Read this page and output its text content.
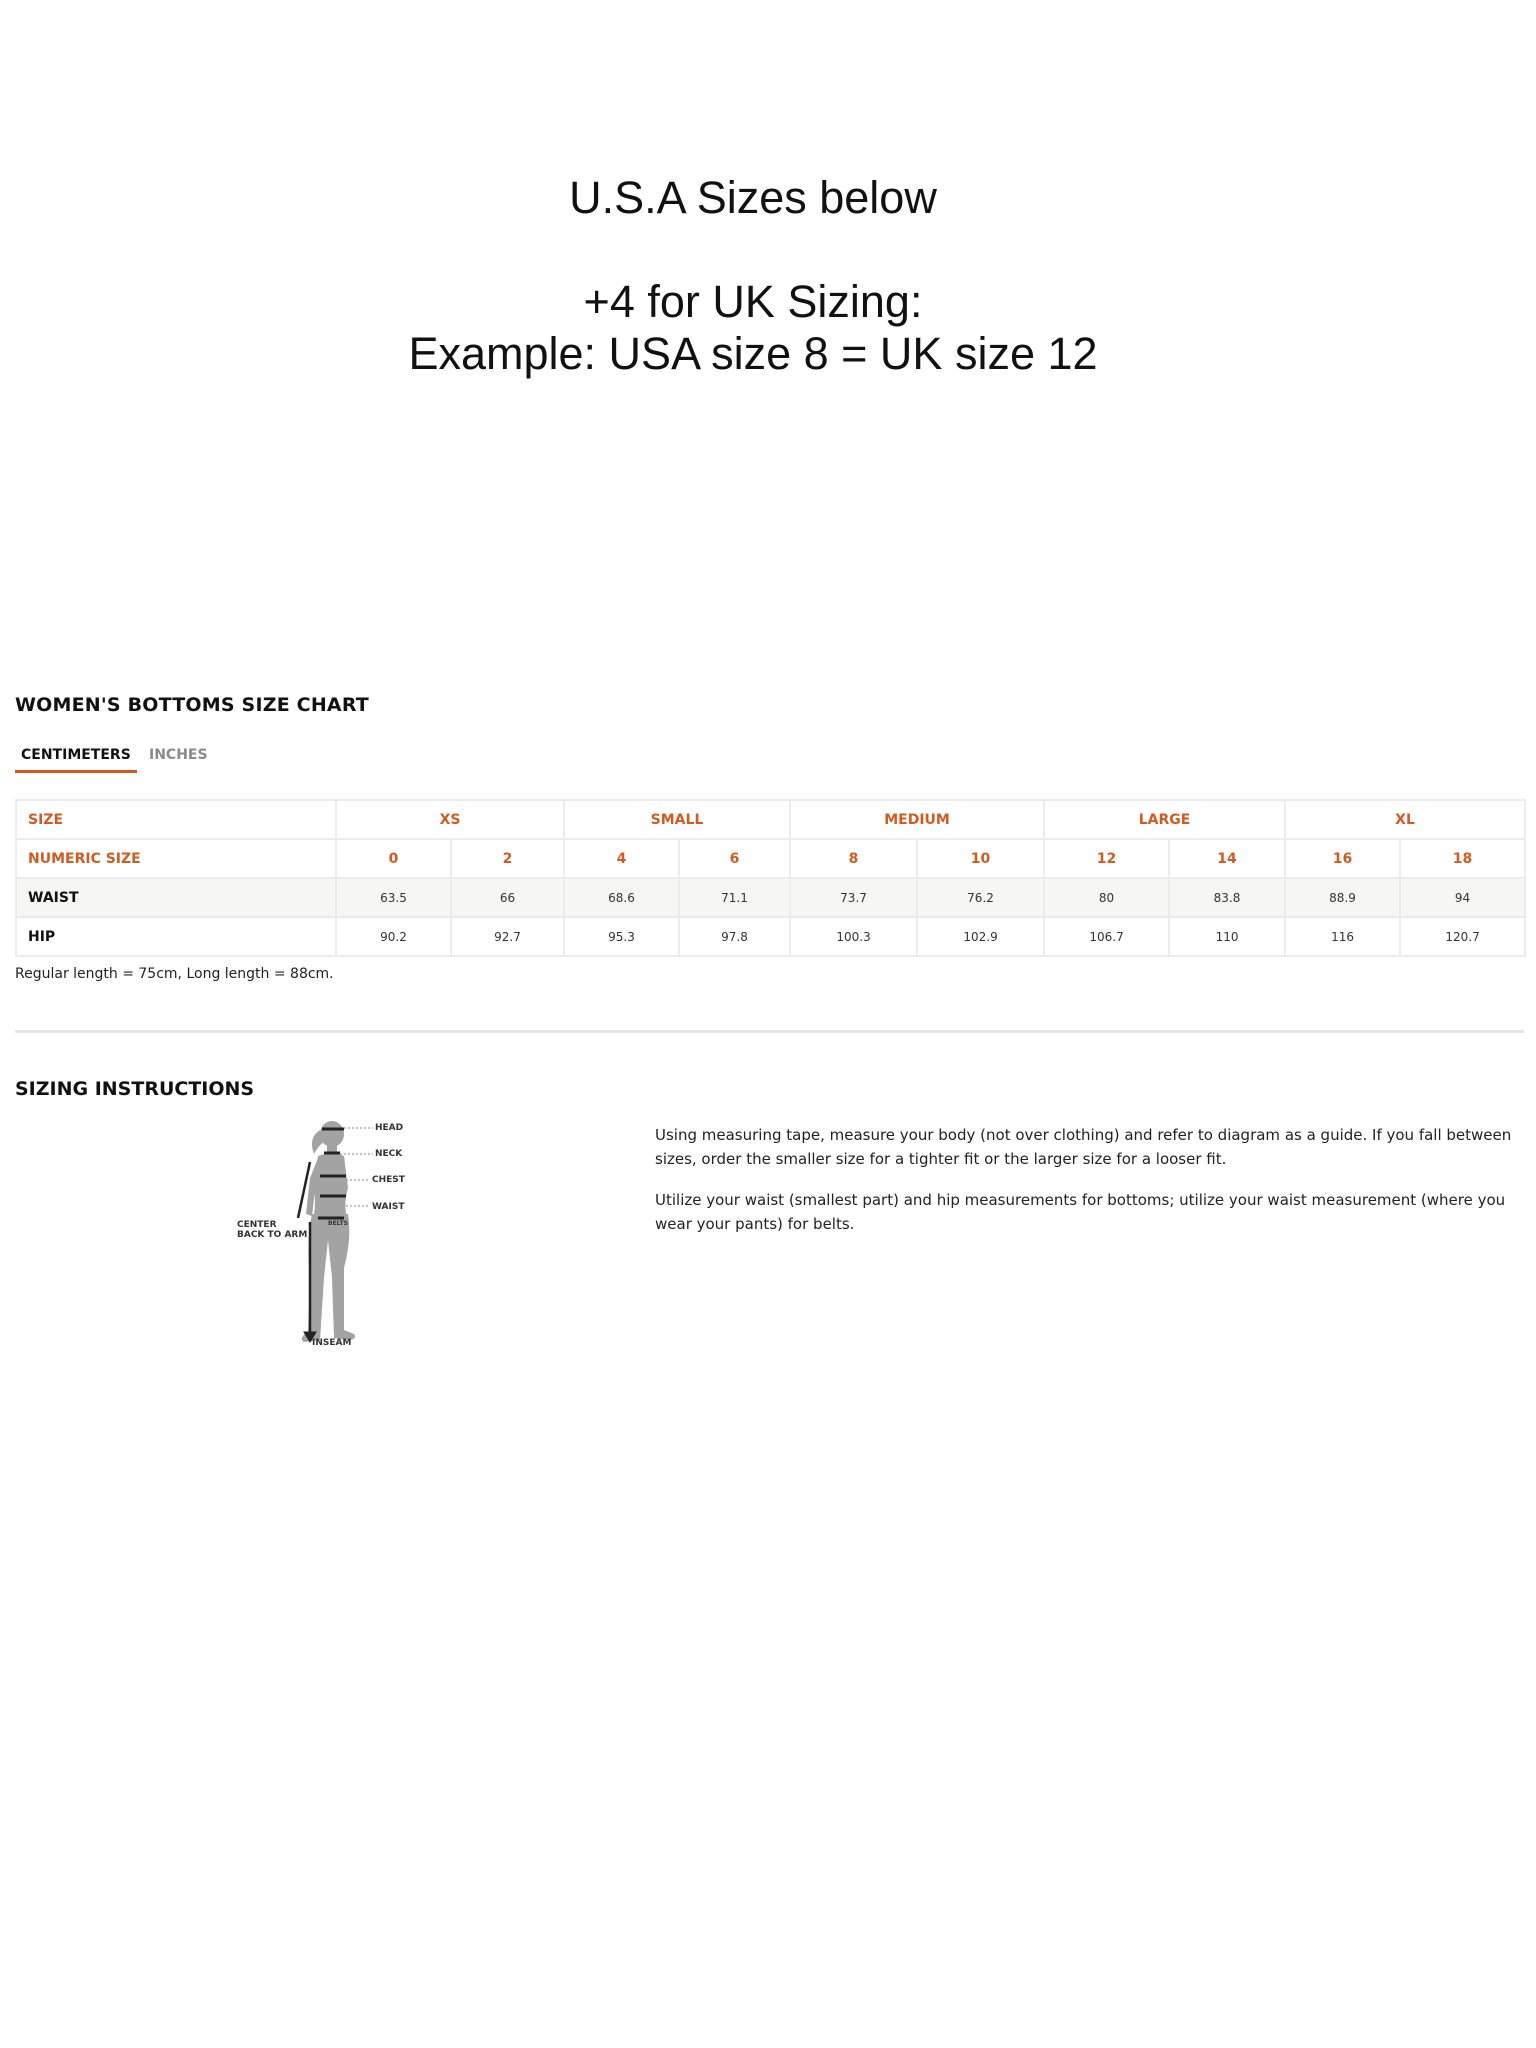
U.S.A Sizes below
+4 for UK Sizing:
Example: USA size 8 = UK size 12
WOMEN'S BOTTOMS SIZE CHART
CENTIMETERS	INCHES
SIZE	XS		SMALL		MEDIUM		LARGE		XL	
NUMERIC SIZE	0	2	4	6	8	10	12	14	16	18
WAIST	63.5	66	68.6	71.1	73.7	76.2	80	83.8	88.9	94
HIP	90.2	92.7	95.3	97.8	100.3	102.9	106.7	110	116	120.7
Regular length = 75cm, Long length = 88cm.
SIZING INSTRUCTIONS
HEAD
NECK
CHEST
WAIST
BELTS
CENTER
BACK TO ARM
INSEAM

Using measuring tape, measure your body (not over clothing) and refer to diagram as a guide. If you fall between sizes, order the smaller size for a tighter fit or the larger size for a looser fit.

Utilize your waist (smallest part) and hip measurements for bottoms; utilize your waist measurement (where you wear your pants) for belts.
